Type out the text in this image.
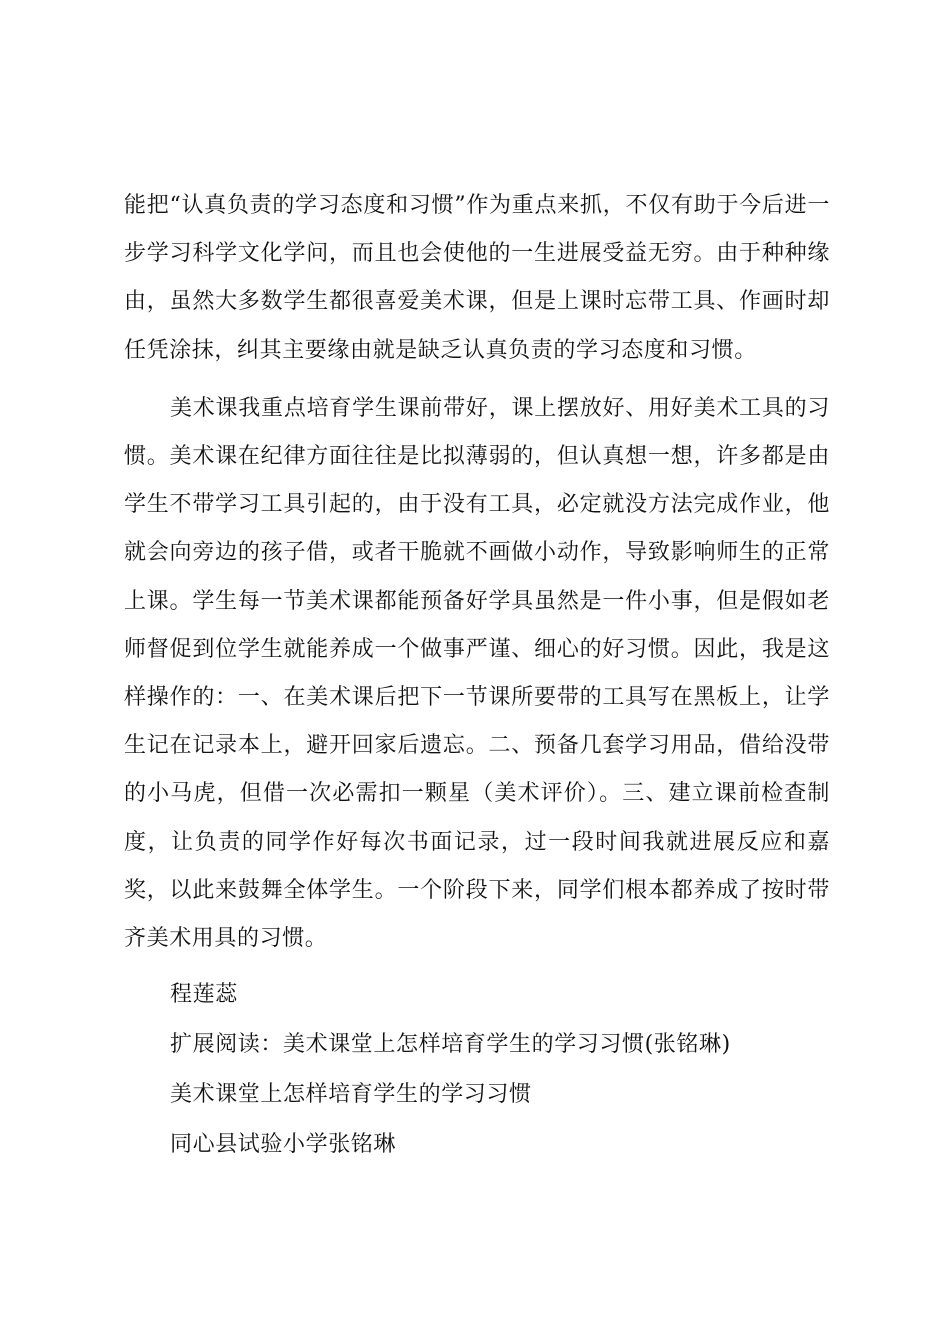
能把“认真负责的学习态度和习惯”作为重点来抓，不仅有助于今后进一步学习科学文化学问，而且也会使他的一生进展受益无穷。由于种种缘由，虽然大多数学生都很喜爱美术课，但是上课时忘带工具、作画时却任凭涂抹，纠其主要缘由就是缺乏认真负责的学习态度和习惯。

美术课我重点培育学生课前带好，课上摆放好、用好美术工具的习惯。美术课在纪律方面往往是比拟薄弱的，但认真想一想，许多都是由学生不带学习工具引起的，由于没有工具，必定就没方法完成作业，他就会向旁边的孩子借，或者干脆就不画做小动作，导致影响师生的正常上课。学生每一节美术课都能预备好学具虽然是一件小事，但是假如老师督促到位学生就能养成一个做事严谨、细心的好习惯。因此，我是这样操作的：一、在美术课后把下一节课所要带的工具写在黑板上，让学生记在记录本上，避开回家后遗忘。二、预备几套学习用品，借给没带的小马虎，但借一次必需扣一颗星（美术评价）。三、建立课前检查制度，让负责的同学作好每次书面记录，过一段时间我就进展反应和嘉奖，以此来鼓舞全体学生。一个阶段下来，同学们根本都养成了按时带齐美术用具的习惯。

程莲蕊

扩展阅读：美术课堂上怎样培育学生的学习习惯(张铭琳)

美术课堂上怎样培育学生的学习习惯

同心县试验小学张铭琳
